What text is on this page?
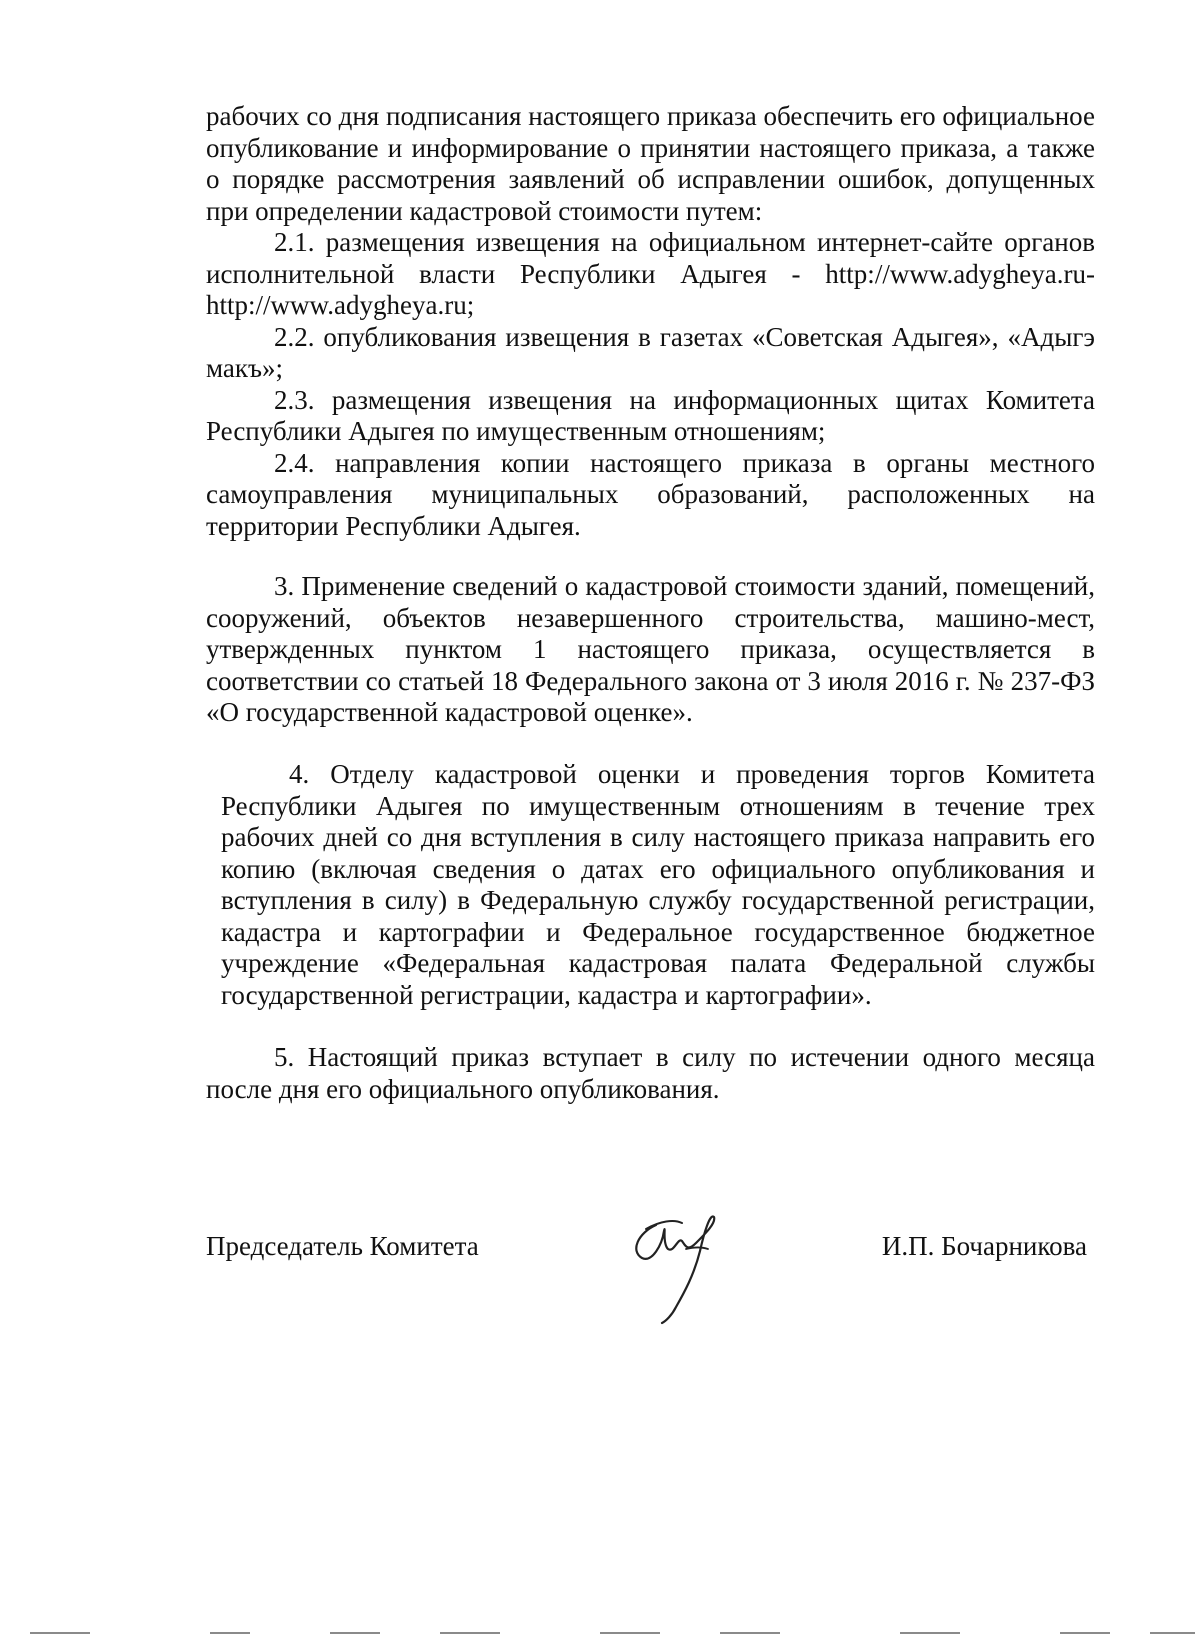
рабочих со дня подписания настоящего приказа обеспечить его официальное опубликование и информирование о принятии настоящего приказа, а также о порядке рассмотрения заявлений об исправлении ошибок, допущенных при определении кадастровой стоимости путем:

2.1. размещения извещения на официальном интернет-сайте органов исполнительной власти Республики Адыгея - http://www.adygheya.ru-http://www.adygheya.ru;

2.2. опубликования извещения в газетах «Советская Адыгея», «Адыгэ макъ»;

2.3. размещения извещения на информационных щитах Комитета Республики Адыгея по имущественным отношениям;

2.4. направления копии настоящего приказа в органы местного самоуправления муниципальных образований, расположенных на территории Республики Адыгея.

3. Применение сведений о кадастровой стоимости зданий, помещений, сооружений, объектов незавершенного строительства, машино-мест, утвержденных пунктом 1 настоящего приказа, осуществляется в соответствии со статьей 18 Федерального закона от 3 июля 2016 г. № 237-ФЗ «О государственной кадастровой оценке».

4. Отделу кадастровой оценки и проведения торгов Комитета Республики Адыгея по имущественным отношениям в течение трех рабочих дней со дня вступления в силу настоящего приказа направить его копию (включая сведения о датах его официального опубликования и вступления в силу) в Федеральную службу государственной регистрации, кадастра и картографии и Федеральное государственное бюджетное учреждение «Федеральная кадастровая палата Федеральной службы государственной регистрации, кадастра и картографии».

5. Настоящий приказ вступает в силу по истечении одного месяца после дня его официального опубликования.

Председатель Комитета	И.П. Бочарникова
